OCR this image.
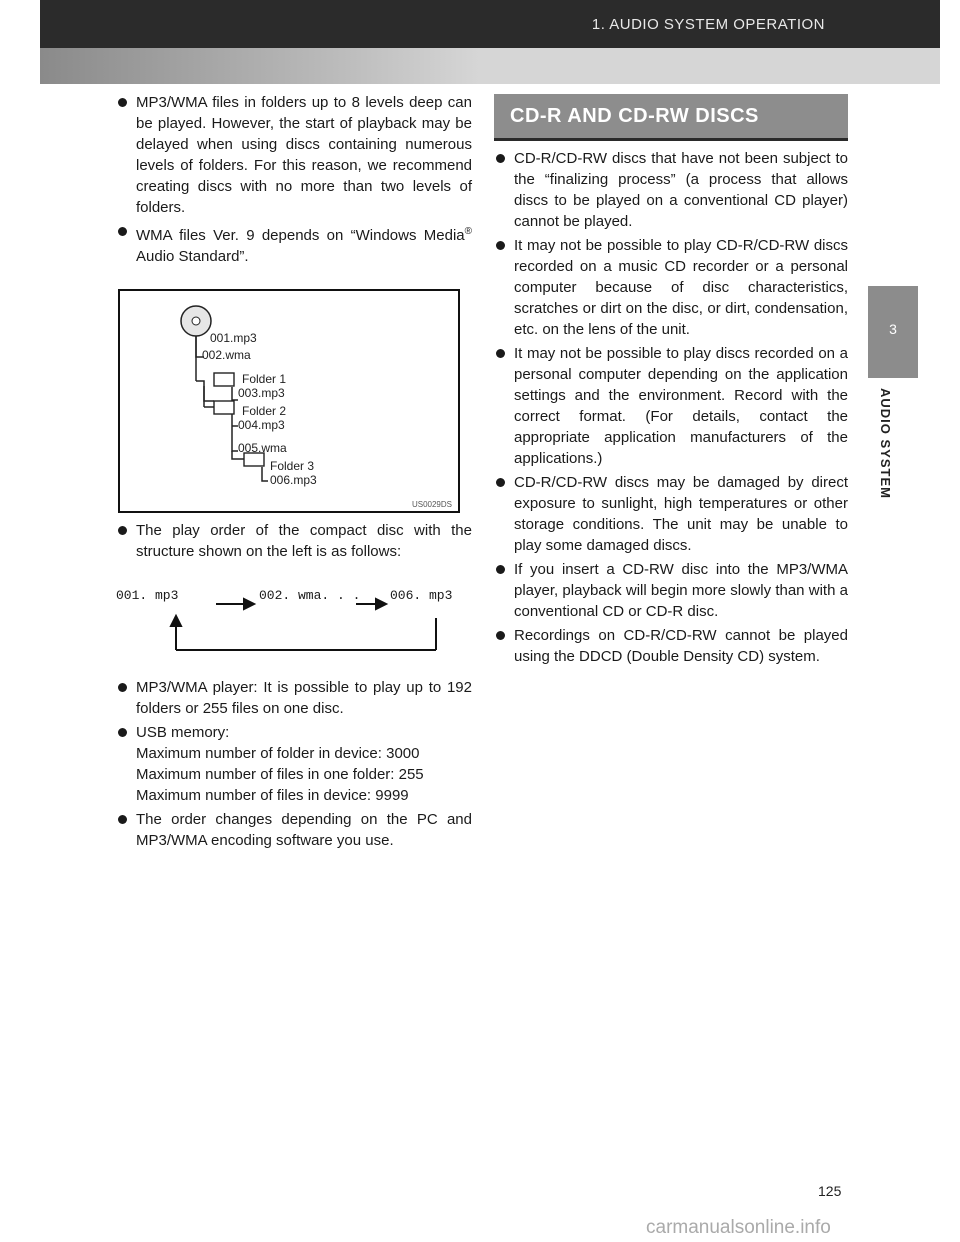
1. AUDIO SYSTEM OPERATION
3
AUDIO SYSTEM

MP3/WMA files in folders up to 8 levels deep can be played. However, the start of playback may be delayed when using discs containing numerous levels of folders. For this reason, we recommend creating discs with no more than two levels of folders.

WMA files Ver. 9 depends on “Windows Media® Audio Standard”.

001.mp3
002.wma
Folder 1
003.mp3
Folder 2
004.mp3
005.wma
Folder 3
006.mp3
US0029DS

The play order of the compact disc with the structure shown on the left is as follows:

001. mp3	002. wma. . . 006. mp3

MP3/WMA player: It is possible to play up to 192 folders or 255 files on one disc.

USB memory:
Maximum number of folder in device: 3000
Maximum number of files in one folder: 255
Maximum number of files in device: 9999

The order changes depending on the PC and MP3/WMA encoding software you use.

CD-R AND CD-RW DISCS

CD-R/CD-RW discs that have not been subject to the “finalizing process” (a process that allows discs to be played on a conventional CD player) cannot be played.

It may not be possible to play CD-R/CD-RW discs recorded on a music CD recorder or a personal computer because of disc characteristics, scratches or dirt on the disc, or dirt, condensation, etc. on the lens of the unit.

It may not be possible to play discs recorded on a personal computer depending on the application settings and the environment. Record with the correct format. (For details, contact the appropriate application manufacturers of the applications.)

CD-R/CD-RW discs may be damaged by direct exposure to sunlight, high temperatures or other storage conditions. The unit may be unable to play some damaged discs.

If you insert a CD-RW disc into the MP3/WMA player, playback will begin more slowly than with a conventional CD or CD-R disc.

Recordings on CD-R/CD-RW cannot be played using the DDCD (Double Density CD) system.

125
carmanualsonline.info
